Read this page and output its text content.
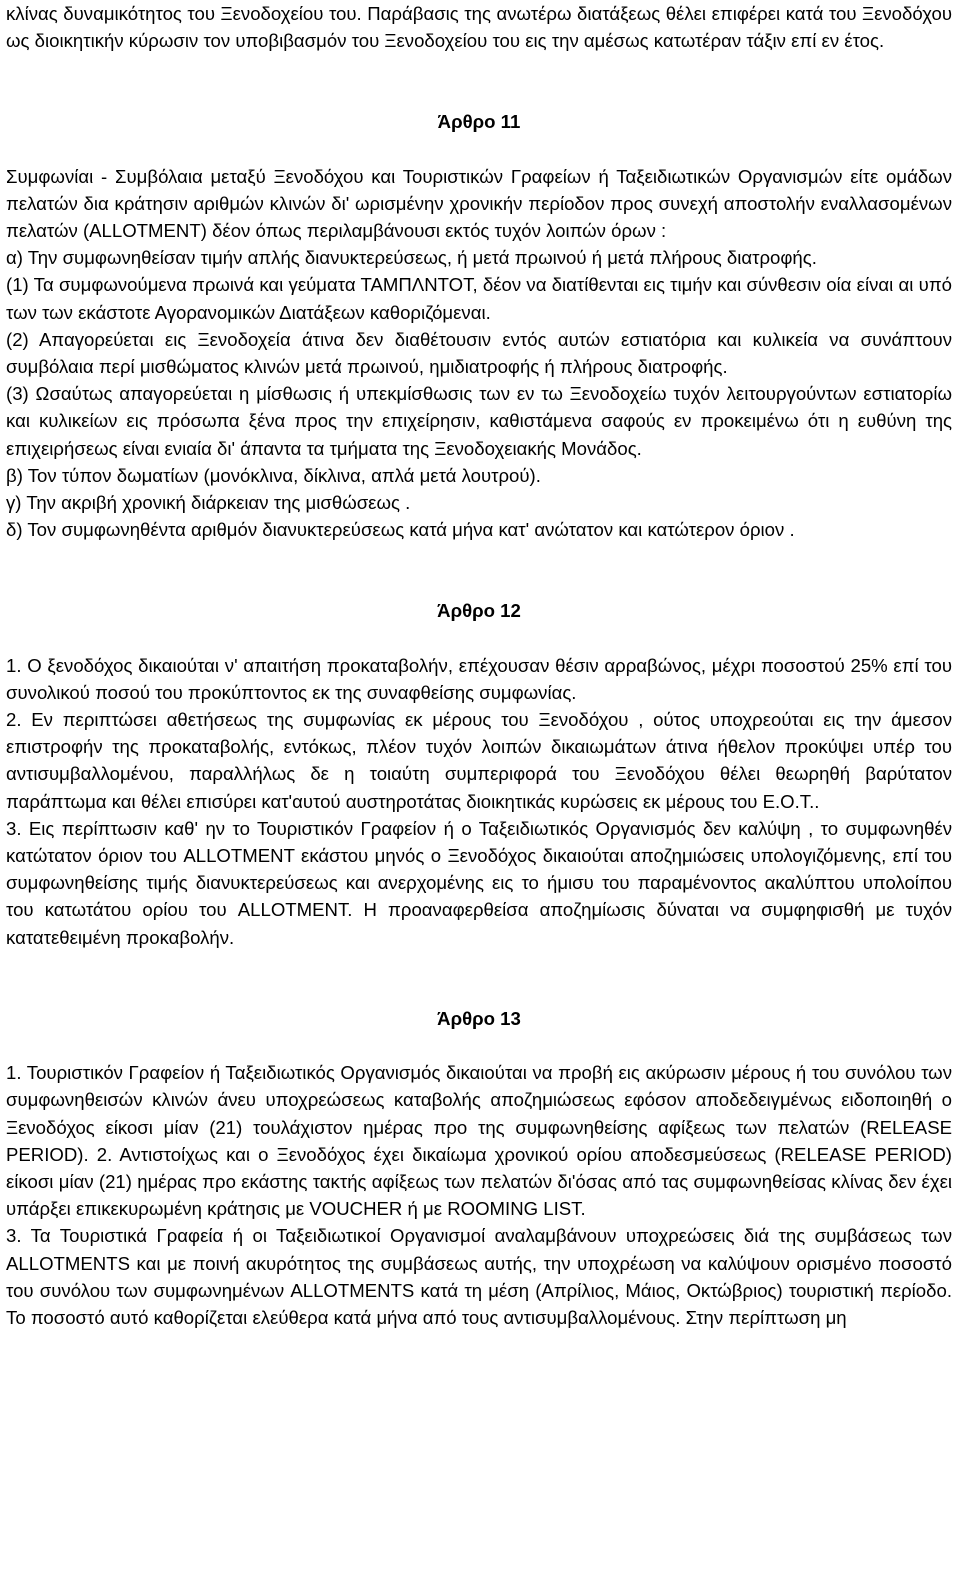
κλίνας δυναμικότητος του Ξενοδοχείου του. Παράβασις της ανωτέρω διατάξεως θέλει επιφέρει κατά του Ξενοδόχου ως διοικητικήν κύρωσιν τον υποβιβασμόν του Ξενοδοχείου του εις την αμέσως κατωτέραν τάξιν επί εν έτος.

Άρθρο 11

Συμφωνίαι - Συμβόλαια μεταξύ Ξενοδόχου και Τουριστικών Γραφείων ή Ταξειδιωτικών Οργανισμών είτε ομάδων πελατών δια κράτησιν αριθμών κλινών δι' ωρισμένην χρονικήν περίοδον προς συνεχή αποστολήν εναλλασομένων πελατών (ALLOTMENT) δέον όπως περιλαμβάνουσι εκτός τυχόν λοιπών όρων :

α) Την συμφωνηθείσαν τιμήν απλής διανυκτερεύσεως, ή μετά πρωινού ή μετά πλήρους διατροφής.

(1) Τα συμφωνούμενα πρωινά και γεύματα ΤΑΜΠΛΝΤΟΤ, δέον να διατίθενται εις τιμήν και σύνθεσιν οία είναι αι υπό των των εκάστοτε Αγορανομικών Διατάξεων καθοριζόμεναι.

(2) Απαγορεύεται εις Ξενοδοχεία άτινα δεν διαθέτουσιν εντός αυτών εστιατόρια και κυλικεία να συνάπτουν συμβόλαια περί μισθώματος κλινών μετά πρωινού, ημιδιατροφής ή πλήρους διατροφής.

(3) Ωσαύτως απαγορεύεται η μίσθωσις ή υπεκμίσθωσις των εν τω Ξενοδοχείω τυχόν λειτουργούντων εστιατορίω και κυλικείων εις πρόσωπα ξένα προς την επιχείρησιν, καθιστάμενα σαφούς εν προκειμένω ότι η ευθύνη της επιχειρήσεως είναι ενιαία δι' άπαντα τα τμήματα της Ξενοδοχειακής Μονάδος.

β) Τον τύπον δωματίων (μονόκλινα, δίκλινα, απλά μετά λουτρού).

γ) Την ακριβή χρονική διάρκειαν της μισθώσεως .

δ) Τον συμφωνηθέντα αριθμόν διανυκτερεύσεως κατά μήνα κατ' ανώτατον και κατώτερον όριον .

Άρθρο 12

1. Ο ξενοδόχος δικαιούται ν' απαιτήση προκαταβολήν, επέχουσαν θέσιν αρραβώνος, μέχρι ποσοστού 25% επί του συνολικού ποσού του προκύπτοντος εκ της συναφθείσης συμφωνίας.

2. Εν περιπτώσει αθετήσεως της συμφωνίας εκ μέρους του Ξενοδόχου , ούτος υποχρεούται εις την άμεσον επιστροφήν της προκαταβολής, εντόκως, πλέον τυχόν λοιπών δικαιωμάτων άτινα ήθελον προκύψει υπέρ του αντισυμβαλλομένου, παραλλήλως δε η τοιαύτη συμπεριφορά του Ξενοδόχου θέλει θεωρηθή βαρύτατον παράπτωμα και θέλει επισύρει κατ'αυτού αυστηροτάτας διοικητικάς κυρώσεις εκ μέρους του Ε.Ο.Τ..

3. Εις περίπτωσιν καθ' ην το Τουριστικόν Γραφείον ή ο Ταξειδιωτικός Οργανισμός δεν καλύψη , το συμφωνηθέν κατώτατον όριον του ALLOTMENT εκάστου μηνός ο Ξενοδόχος δικαιούται αποζημιώσεις υπολογιζόμενης, επί του συμφωνηθείσης τιμής διανυκτερεύσεως και ανερχομένης εις το ήμισυ του παραμένοντος ακαλύπτου υπολοίπου του κατωτάτου ορίου του ALLOTMENT. Η προαναφερθείσα αποζημίωσις δύναται να συμφηφισθή με τυχόν κατατεθειμένη προκαβολήν.

Άρθρο 13

1. Τουριστικόν Γραφείον ή Ταξειδιωτικός Οργανισμός δικαιούται να προβή εις ακύρωσιν μέρους ή του συνόλου των συμφωνηθεισών κλινών άνευ υποχρεώσεως καταβολής αποζημιώσεως εφόσον αποδεδειγμένως ειδοποιηθή ο Ξενοδόχος είκοσι μίαν (21) τουλάχιστον ημέρας προ της συμφωνηθείσης αφίξεως των πελατών (RELEASE PERIOD). 2. Αντιστοίχως και ο Ξενοδόχος έχει δικαίωμα χρονικού ορίου αποδεσμεύσεως (RELEASE PERIOD) είκοσι μίαν (21) ημέρας προ εκάστης τακτής αφίξεως των πελατών δι'όσας από τας συμφωνηθείσας κλίνας δεν έχει υπάρξει επικεκυρωμένη κράτησις με VOUCHER ή με ROOMING LIST.

3. Τα Τουριστικά Γραφεία ή οι Ταξειδιωτικοί Οργανισμοί αναλαμβάνουν υποχρεώσεις διά της συμβάσεως των ALLOTMENTS και με ποινή ακυρότητος της συμβάσεως αυτής, την υποχρέωση να καλύψουν ορισμένο ποσοστό του συνόλου των συμφωνημένων ALLOTMENTS κατά τη μέση (Απρίλιος, Μάιος, Οκτώβριος) τουριστική περίοδο. Το ποσοστό αυτό καθορίζεται ελεύθερα κατά μήνα από τους αντισυμβαλλομένους. Στην περίπτωση μη
